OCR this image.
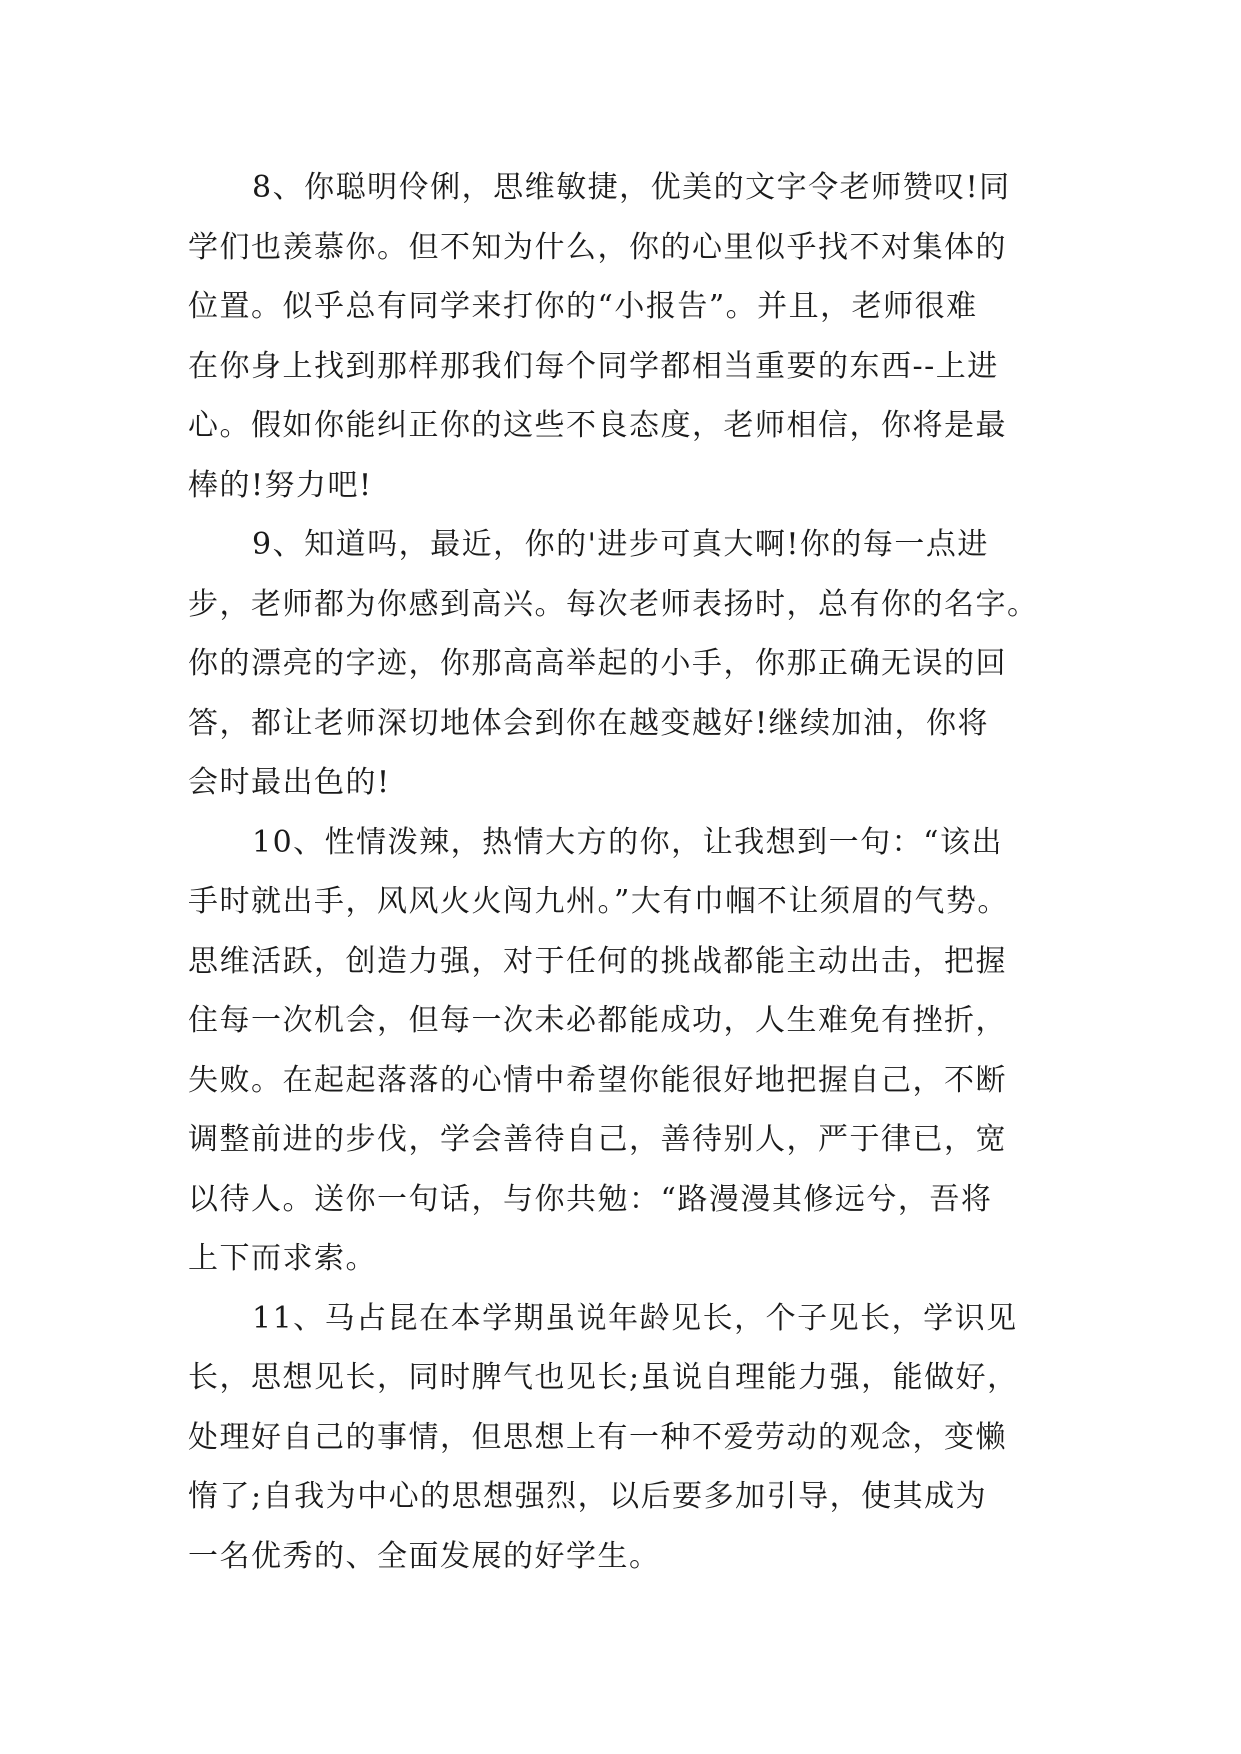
8、你聪明伶俐，思维敏捷，优美的文字令老师赞叹!同
学们也羡慕你。但不知为什么，你的心里似乎找不对集体的
位置。似乎总有同学来打你的“小报告”。并且，老师很难
在你身上找到那样那我们每个同学都相当重要的东西--上进
心。假如你能纠正你的这些不良态度，老师相信，你将是最
棒的!努力吧!

9、知道吗，最近，你的'进步可真大啊!你的每一点进
步，老师都为你感到高兴。每次老师表扬时，总有你的名字。
你的漂亮的字迹，你那高高举起的小手，你那正确无误的回
答，都让老师深切地体会到你在越变越好!继续加油，你将
会时最出色的!

10、性情泼辣，热情大方的你，让我想到一句：“该出
手时就出手，风风火火闯九州。”大有巾帼不让须眉的气势。
思维活跃，创造力强，对于任何的挑战都能主动出击，把握
住每一次机会，但每一次未必都能成功，人生难免有挫折，
失败。在起起落落的心情中希望你能很好地把握自己，不断
调整前进的步伐，学会善待自己，善待别人，严于律已，宽
以待人。送你一句话，与你共勉：“路漫漫其修远兮，吾将
上下而求索。

11、马占昆在本学期虽说年龄见长，个子见长，学识见
长，思想见长，同时脾气也见长;虽说自理能力强，能做好，
处理好自己的事情，但思想上有一种不爱劳动的观念，变懒
惰了;自我为中心的思想强烈，以后要多加引导，使其成为
一名优秀的、全面发展的好学生。
